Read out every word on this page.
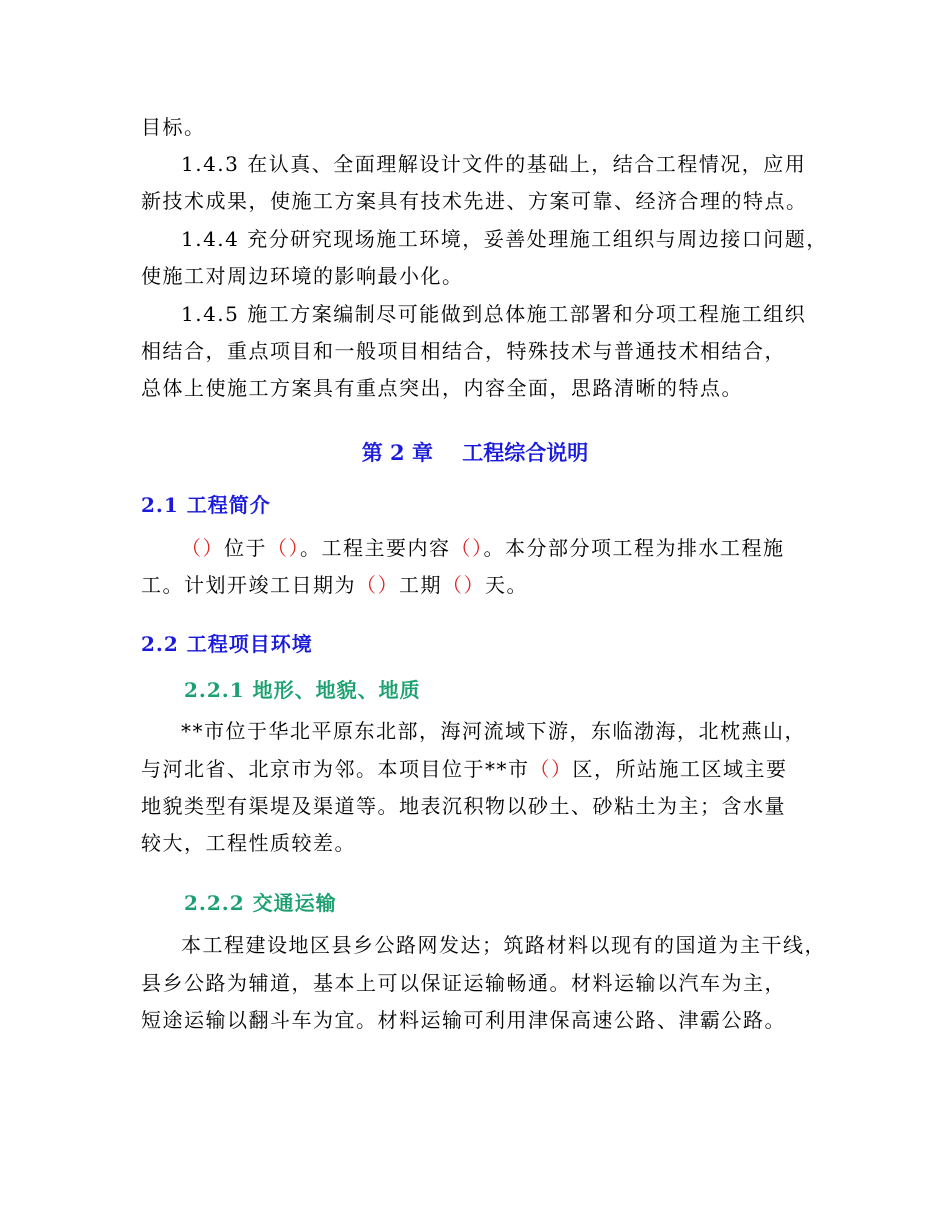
目标。
1.4.3 在认真、全面理解设计文件的基础上，结合工程情况，应用
新技术成果，使施工方案具有技术先进、方案可靠、经济合理的特点。
1.4.4 充分研究现场施工环境，妥善处理施工组织与周边接口问题，
使施工对周边环境的影响最小化。
1.4.5 施工方案编制尽可能做到总体施工部署和分项工程施工组织
相结合，重点项目和一般项目相结合，特殊技术与普通技术相结合，
总体上使施工方案具有重点突出，内容全面，思路清晰的特点。
第 2 章    工程综合说明
2.1 工程简介
（）位于（）。工程主要内容（）。本分部分项工程为排水工程施
工。计划开竣工日期为（）工期（）天。
2.2 工程项目环境
2.2.1 地形、地貌、地质
**市位于华北平原东北部，海河流域下游，东临渤海，北枕燕山，
与河北省、北京市为邻。本项目位于**市（）区，所站施工区域主要
地貌类型有渠堤及渠道等。地表沉积物以砂土、砂粘土为主；含水量
较大，工程性质较差。
2.2.2 交通运输
本工程建设地区县乡公路网发达；筑路材料以现有的国道为主干线，
县乡公路为辅道，基本上可以保证运输畅通。材料运输以汽车为主，
短途运输以翻斗车为宜。材料运输可利用津保高速公路、津霸公路。
